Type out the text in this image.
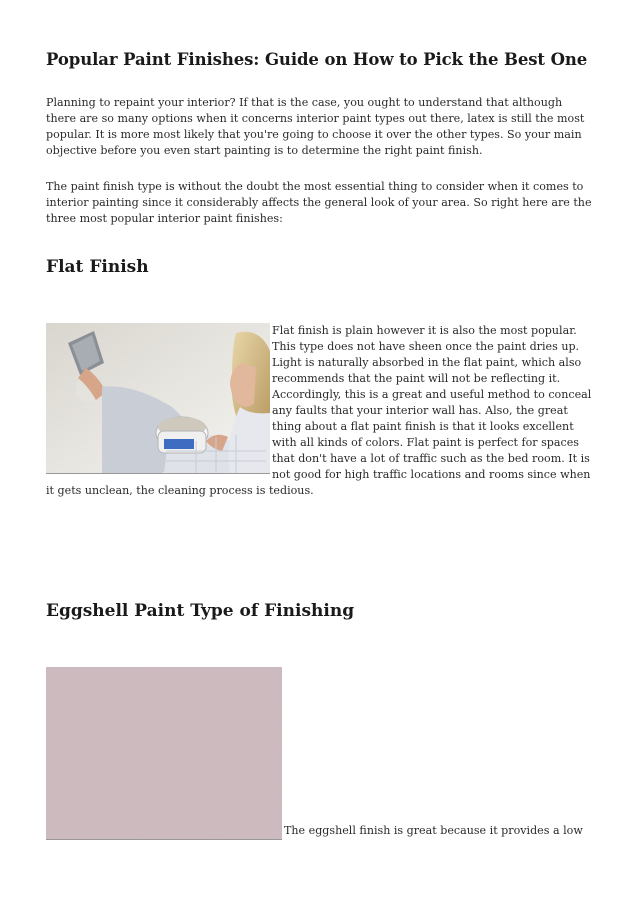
Popular Paint Finishes: Guide on How to Pick the Best One

Planning to repaint your interior? If that is the case, you ought to understand that although there are so many options when it concerns interior paint types out there, latex is still the most popular. It is more most likely that you're going to choose it over the other types. So your main objective before you even start painting is to determine the right paint finish.

The paint finish type is without the doubt the most essential thing to consider when it comes to interior painting since it considerably affects the general look of your area. So right here are the three most popular interior paint finishes:

Flat Finish
Flat finish is plain however it is also the most popular. This type does not have sheen once the paint dries up. Light is naturally absorbed in the flat paint, which also recommends that the paint will not be reflecting it. Accordingly, this is a great and useful method to conceal any faults that your interior wall has. Also, the great thing about a flat paint finish is that it looks excellent with all kinds of colors. Flat paint is perfect for spaces that don't have a lot of traffic such as the bed room. It is not good for high traffic locations and rooms since when it gets unclean, the cleaning process is tedious.
Eggshell Paint Type of Finishing
The eggshell finish is great because it provides a low
